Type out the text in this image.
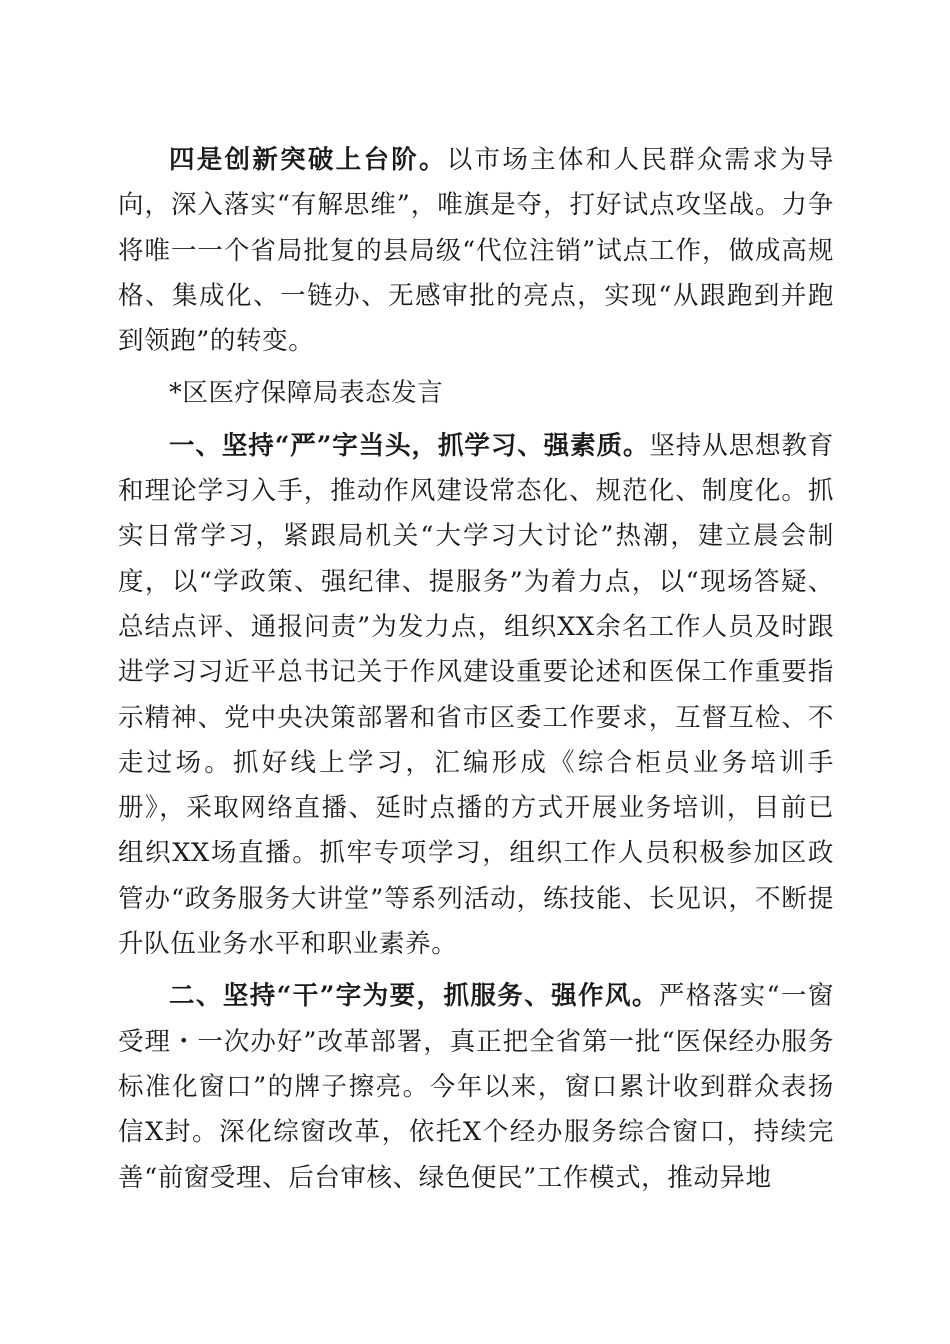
四是创新突破上台阶。以市场主体和人民群众需求为导向，深入落实“有解思维”，唯旗是夺，打好试点攻坚战。力争将唯一一个省局批复的县局级“代位注销”试点工作，做成高规格、集成化、一链办、无感审批的亮点，实现“从跟跑到并跑到领跑”的转变。

*区医疗保障局表态发言

一、坚持“严”字当头，抓学习、强素质。坚持从思想教育和理论学习入手，推动作风建设常态化、规范化、制度化。抓实日常学习，紧跟局机关“大学习大讨论”热潮，建立晨会制度，以“学政策、强纪律、提服务”为着力点，以“现场答疑、总结点评、通报问责”为发力点，组织XX余名工作人员及时跟进学习习近平总书记关于作风建设重要论述和医保工作重要指示精神、党中央决策部署和省市区委工作要求，互督互检、不走过场。抓好线上学习，汇编形成《综合柜员业务培训手册》，采取网络直播、延时点播的方式开展业务培训，目前已组织XX场直播。抓牢专项学习，组织工作人员积极参加区政管办“政务服务大讲堂”等系列活动，练技能、长见识，不断提升队伍业务水平和职业素养。

二、坚持“干”字为要，抓服务、强作风。严格落实“一窗受理・一次办好”改革部署，真正把全省第一批“医保经办服务标准化窗口”的牌子擦亮。今年以来，窗口累计收到群众表扬信X封。深化综窗改革，依托X个经办服务综合窗口，持续完善“前窗受理、后台审核、绿色便民”工作模式，推动异地
